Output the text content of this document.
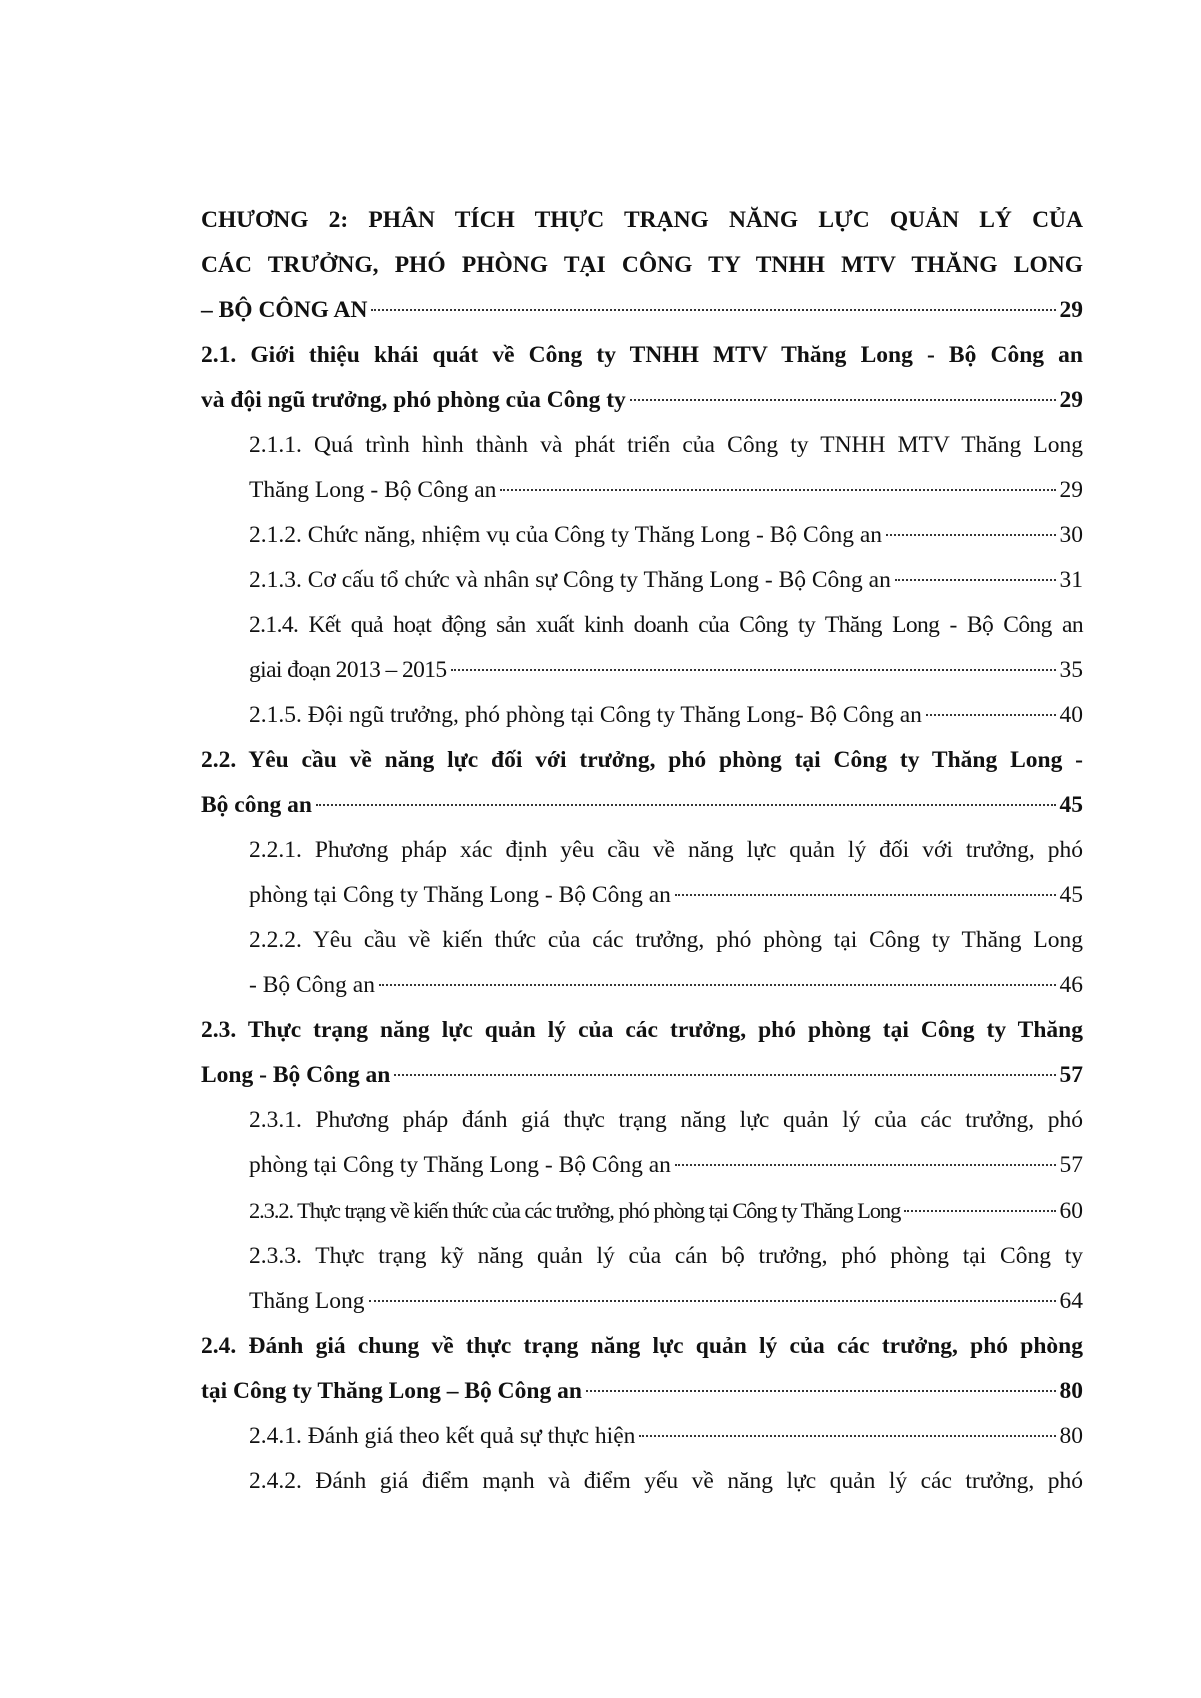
CHƯƠNG 2: PHÂN TÍCH THỰC TRẠNG NĂNG LỰC QUẢN LÝ CỦA
CÁC TRƯỞNG, PHÓ PHÒNG TẠI CÔNG TY TNHH MTV THĂNG LONG
– BỘ CÔNG AN	29
2.1. Giới thiệu khái quát về Công ty TNHH MTV Thăng Long - Bộ Công an
và đội ngũ trưởng, phó phòng của Công ty	29
2.1.1. Quá trình hình thành và phát triển của Công ty TNHH MTV Thăng Long
Thăng Long - Bộ Công an	29
2.1.2. Chức năng, nhiệm vụ của Công ty Thăng Long - Bộ Công an	30
2.1.3. Cơ cấu tổ chức và nhân sự Công ty Thăng Long - Bộ Công an	31
2.1.4. Kết quả hoạt động sản xuất kinh doanh của Công ty Thăng Long - Bộ Công an
giai đoạn 2013 – 2015	35
2.1.5. Đội ngũ trưởng, phó phòng tại Công ty Thăng Long- Bộ Công an	40
2.2. Yêu cầu về năng lực đối với trưởng, phó phòng tại Công ty Thăng Long -
Bộ công an	45
2.2.1. Phương pháp xác định yêu cầu về năng lực quản lý đối với trưởng, phó
phòng tại Công ty Thăng Long - Bộ Công an	45
2.2.2. Yêu cầu về kiến thức của các trưởng, phó phòng tại Công ty Thăng Long
- Bộ Công an	46
2.3. Thực trạng năng lực quản lý của các trưởng, phó phòng tại Công ty Thăng
Long - Bộ Công an	57
2.3.1. Phương pháp đánh giá thực trạng năng lực quản lý của các trưởng, phó
phòng tại Công ty Thăng Long - Bộ Công an	57
2.3.2. Thực trạng về kiến thức của các trưởng, phó phòng tại Công ty Thăng Long	60
2.3.3. Thực trạng kỹ năng quản lý của cán bộ trưởng, phó phòng tại Công ty
Thăng Long	64
2.4. Đánh giá chung về thực trạng năng lực quản lý của các trưởng, phó phòng
tại Công ty Thăng Long – Bộ Công an	80
2.4.1. Đánh giá theo kết quả sự thực hiện	80
2.4.2. Đánh giá điểm mạnh và điểm yếu về năng lực quản lý các trưởng, phó
